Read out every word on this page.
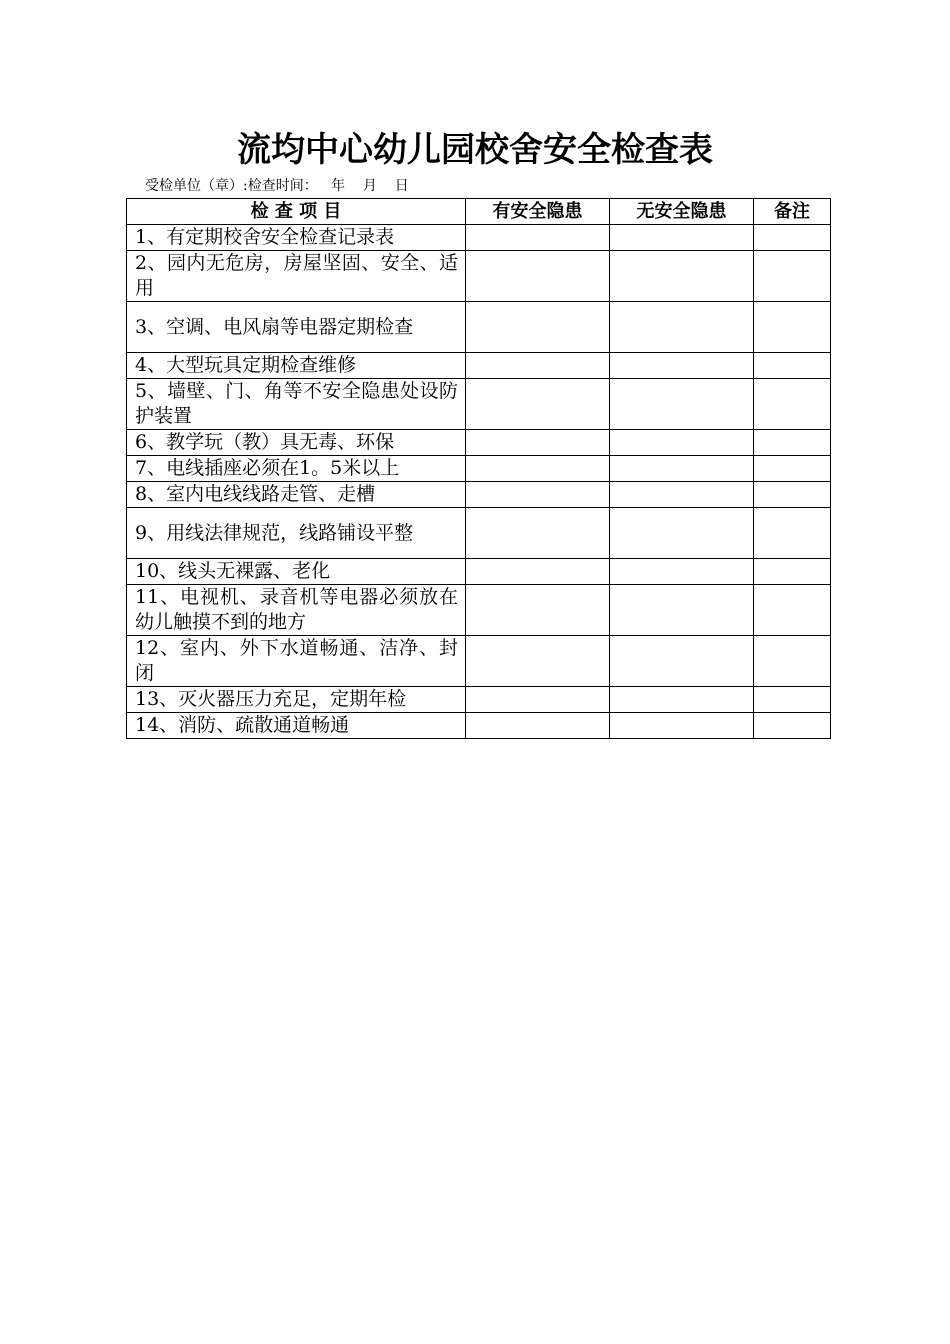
流均中心幼儿园校舍安全检查表
受检单位（章）:检查时间： 年 月 日
检 查 项 目	有安全隐患	无安全隐患	备注
1、有定期校舍安全检查记录表			
2、园内无危房，房屋坚固、安全、适用			
3、空调、电风扇等电器定期检查			
4、大型玩具定期检查维修			
5、墙壁、门、角等不安全隐患处设防护装置			
6、教学玩（教）具无毒、环保			
7、电线插座必须在1。5米以上			
8、室内电线线路走管、走槽			
9、用线法律规范，线路铺设平整			
10、线头无裸露、老化			
11、电视机、录音机等电器必须放在幼儿触摸不到的地方			
12、室内、外下水道畅通、洁净、封闭			
13、灭火器压力充足，定期年检			
14、消防、疏散通道畅通			
